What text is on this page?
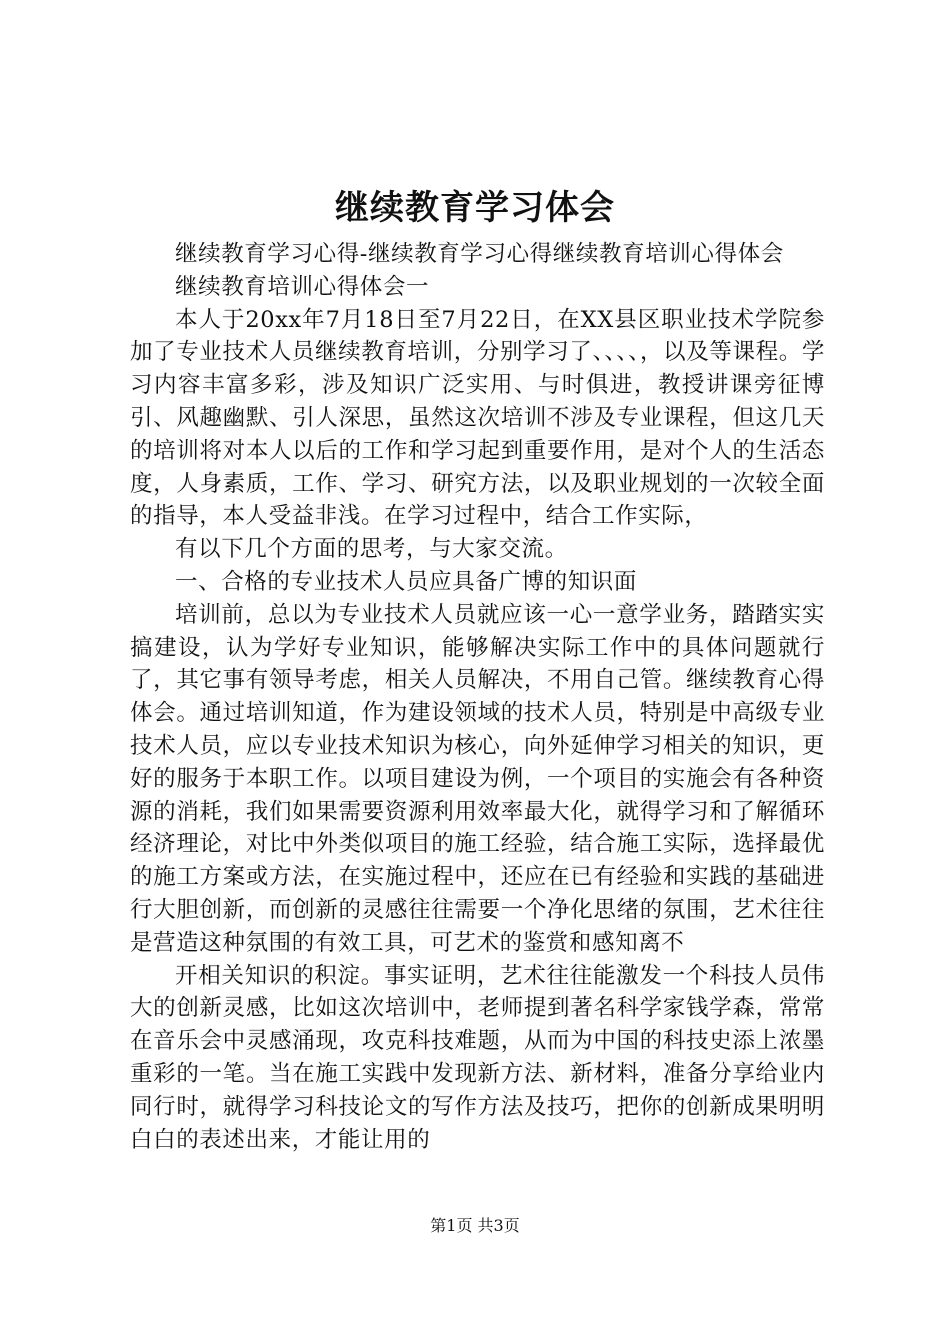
继续教育学习体会

继续教育学习心得-继续教育学习心得继续教育培训心得体会

继续教育培训心得体会一

本人于20xx年7月18日至7月22日，在XX县区职业技术学院参加了专业技术人员继续教育培训，分别学习了、、、、，以及等课程。学习内容丰富多彩，涉及知识广泛实用、与时俱进，教授讲课旁征博引、风趣幽默、引人深思，虽然这次培训不涉及专业课程，但这几天的培训将对本人以后的工作和学习起到重要作用，是对个人的生活态度，人身素质，工作、学习、研究方法，以及职业规划的一次较全面的指导，本人受益非浅。在学习过程中，结合工作实际，

有以下几个方面的思考，与大家交流。

一、合格的专业技术人员应具备广博的知识面

培训前，总以为专业技术人员就应该一心一意学业务，踏踏实实搞建设，认为学好专业知识，能够解决实际工作中的具体问题就行了，其它事有领导考虑，相关人员解决，不用自己管。继续教育心得体会。通过培训知道，作为建设领域的技术人员，特别是中高级专业技术人员，应以专业技术知识为核心，向外延伸学习相关的知识，更好的服务于本职工作。以项目建设为例，一个项目的实施会有各种资源的消耗，我们如果需要资源利用效率最大化，就得学习和了解循环经济理论，对比中外类似项目的施工经验，结合施工实际，选择最优的施工方案或方法，在实施过程中，还应在已有经验和实践的基础进行大胆创新，而创新的灵感往往需要一个净化思绪的氛围，艺术往往是营造这种氛围的有效工具，可艺术的鉴赏和感知离不

开相关知识的积淀。事实证明，艺术往往能激发一个科技人员伟大的创新灵感，比如这次培训中，老师提到著名科学家钱学森，常常在音乐会中灵感涌现，攻克科技难题，从而为中国的科技史添上浓墨重彩的一笔。当在施工实践中发现新方法、新材料，准备分享给业内同行时，就得学习科技论文的写作方法及技巧，把你的创新成果明明白白的表述出来，才能让用的

第1页 共3页
